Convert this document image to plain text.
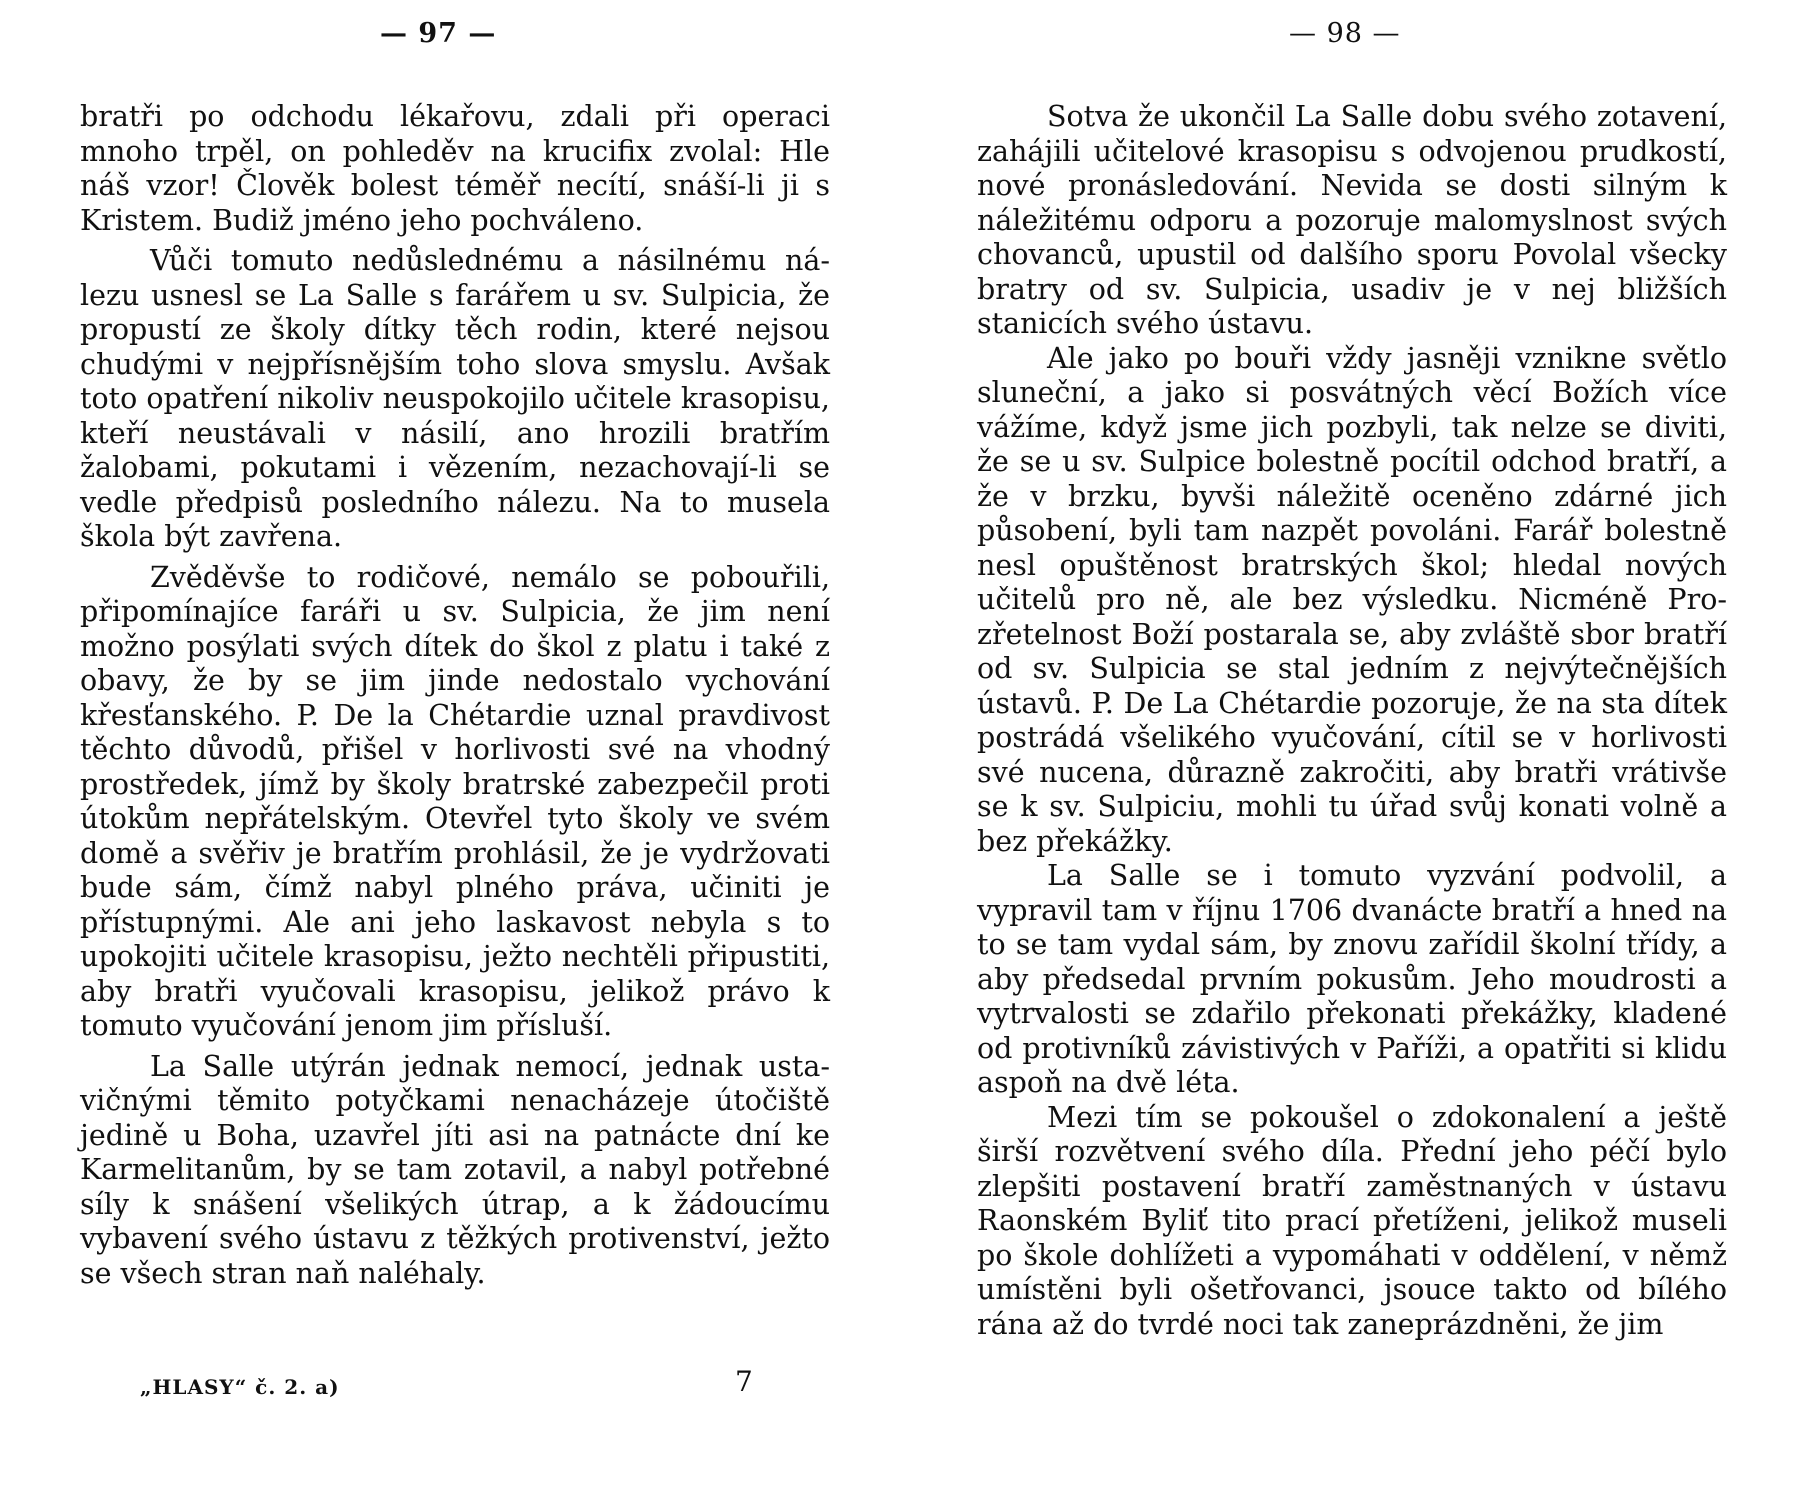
— 97 —

bratři po odchodu lékařovu, zdali při operaci mnoho trpěl, on pohleděv na krucifix zvolal: Hle náš vzor! Člověk bolest téměř necítí, snáší-li ji s Kristem. Budiž jméno jeho pochváleno.

Vůči tomuto nedůslednému a násilnému nálezu usnesl se La Salle s farářem u sv. Sulpicia, že propustí ze školy dítky těch rodin, které nejsou chudými v nejpřísnějším toho slova smyslu. Avšak toto opatření nikoliv neuspokojilo učitele krasopisu, kteří neustávali v násilí, ano hrozili bratřím žalobami, pokutami i vězením, nezachovají-li se vedle předpisů posledního nálezu. Na to musela škola být zavřena.

Zvěděvše to rodičové, nemálo se pobouřili, připomínajíce faráři u sv. Sulpicia, že jim není možno posýlati svých dítek do škol z platu i také z obavy, že by se jim jinde nedostalo vychování křesťanského. P. De la Chétardie uznal pravdivost těchto důvodů, přišel v horlivosti své na vhodný prostředek, jímž by školy bratrské zabezpečil proti útokům nepřátelským. Otevřel tyto školy ve svém domě a svěřiv je bratřím prohlásil, že je vydržovati bude sám, čímž nabyl plného práva, učiniti je přístupnými. Ale ani jeho laskavost nebyla s to upokojiti učitele krasopisu, ježto nechtěli připustiti, aby bratři vyučovali krasopisu, jelikož právo k tomuto vyučování jenom jim přísluší.

La Salle utýrán jednak nemocí, jednak ustavičnými těmito potyčkami nenacházeje útočiště jedině u Boha, uzavřel jíti asi na patnácte dní ke Karmelitanům, by se tam zotavil, a nabyl potřebné síly k snášení všelikých útrap, a k žádoucímu vybavení svého ústavu z těžkých protivenství, ježto se všech stran naň naléhaly.

„HLASY“ č. 2. a)	7
— 98 —

Sotva že ukončil La Salle dobu svého zotavení, zahájili učitelové krasopisu s odvojenou prudkostí, nové pronásledování. Nevida se dosti silným k náležitému odporu a pozoruje malomyslnost svých chovanců, upustil od dalšího sporu Povolal všecky bratry od sv. Sulpicia, usadiv je v nej bližších stanicích svého ústavu.

Ale jako po bouři vždy jasněji vznikne světlo sluneční, a jako si posvátných věcí Božích více vážíme, když jsme jich pozbyli, tak nelze se diviti, že se u sv. Sulpice bolestně pocítil odchod bratří, a že v brzku, byvši náležitě oceněno zdárné jich působení, byli tam nazpět povoláni. Farář bolestně nesl opuštěnost bratrských škol; hledal nových učitelů pro ně, ale bez výsledku. Nicméně Prozřetelnost Boží postarala se, aby zvláště sbor bratří od sv. Sulpicia se stal jedním z nejvýtečnějších ústavů. P. De La Chétardie pozoruje, že na sta dítek postrádá všelikého vyučování, cítil se v horlivosti své nucena, důrazně zakročiti, aby bratři vrátivše se k sv. Sulpiciu, mohli tu úřad svůj konati volně a bez překážky.

La Salle se i tomuto vyzvání podvolil, a vypravil tam v říjnu 1706 dvanácte bratří a hned na to se tam vydal sám, by znovu zařídil školní třídy, a aby předsedal prvním pokusům. Jeho moudrosti a vytrvalosti se zdařilo překonati překážky, kladené od protivníků závistivých v Paříži, a opatřiti si klidu aspoň na dvě léta.

Mezi tím se pokoušel o zdokonalení a ještě širší rozvětvení svého díla. Přední jeho péčí bylo zlepšiti postavení bratří zaměstnaných v ústavu Raonském Byliť tito prací přetíženi, jelikož museli po škole dohlížeti a vypomáhati v oddělení, v němž umístěni byli ošetřovanci, jsouce takto od bílého rána až do tvrdé noci tak zaneprázdněni, že jim
